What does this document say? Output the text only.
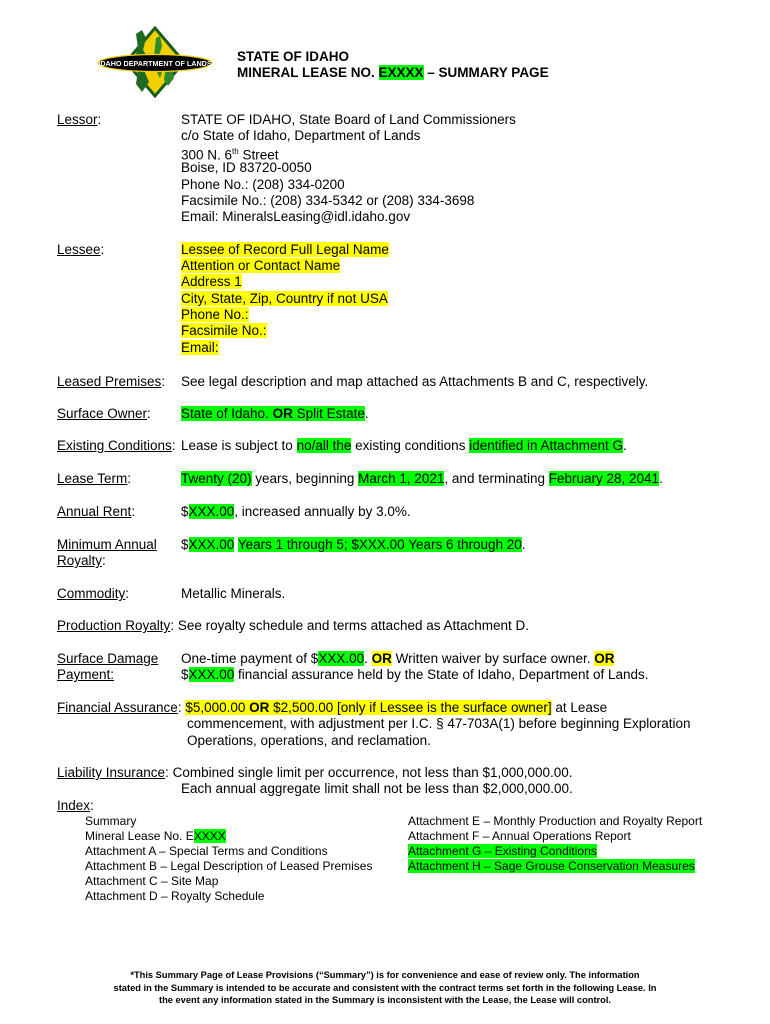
IDAHO DEPARTMENT OF LANDS STATE OF IDAHO
MINERAL LEASE NO. EXXXX – SUMMARY PAGE
Lessor:	STATE OF IDAHO, State Board of Land Commissioners
c/o State of Idaho, Department of Lands
300 N. 6th Street
Boise, ID 83720-0050
Phone No.: (208) 334-0200
Facsimile No.: (208) 334-5342 or (208) 334-3698
Email: MineralsLeasing@idl.idaho.gov
Lessee:	Lessee of Record Full Legal Name
Attention or Contact Name
Address 1
City, State, Zip, Country if not USA
Phone No.:
Facsimile No.:
Email:
Leased Premises: See legal description and map attached as Attachments B and C, respectively.
Surface Owner: State of Idaho. OR Split Estate.
Existing Conditions: Lease is subject to no/all the existing conditions identified in Attachment G.
Lease Term:	Twenty (20) years, beginning March 1, 2021, and terminating February 28, 2041.
Annual Rent:	$XXX.00, increased annually by 3.0%.
Minimum Annual
Royalty:
$XXX.00 Years 1 through 5; $XXX.00 Years 6 through 20.
Commodity:	Metallic Minerals.
Production Royalty: See royalty schedule and terms attached as Attachment D.
Surface Damage
Payment:
One-time payment of $XXX.00. OR Written waiver by surface owner. OR
$XXX.00 financial assurance held by the State of Idaho, Department of Lands.
Financial Assurance: $5,000.00 OR $2,500.00 [only if Lessee is the surface owner] at Lease
commencement, with adjustment per I.C. § 47-703A(1) before beginning Exploration
Operations, operations, and reclamation.
Liability Insurance: Combined single limit per occurrence, not less than $1,000,000.00.
Each annual aggregate limit shall not be less than $2,000,000.00.
Index:
Summary
Mineral Lease No. EXXXX
Attachment A – Special Terms and Conditions
Attachment B – Legal Description of Leased Premises
Attachment C – Site Map
Attachment D – Royalty Schedule
Attachment E – Monthly Production and Royalty Report
Attachment F – Annual Operations Report
Attachment G – Existing Conditions
Attachment H – Sage Grouse Conservation Measures
*This Summary Page of Lease Provisions (“Summary”) is for convenience and ease of review only. The information
stated in the Summary is intended to be accurate and consistent with the contract terms set forth in the following Lease. In
the event any information stated in the Summary is inconsistent with the Lease, the Lease will control.
